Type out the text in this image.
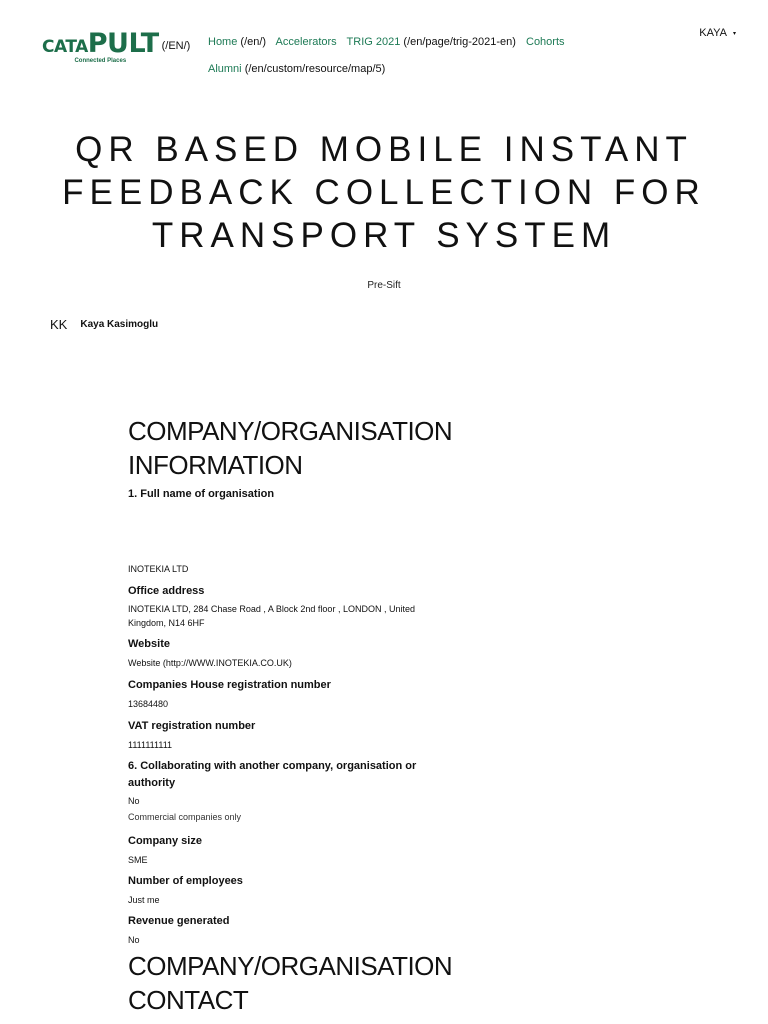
CATAPULT
Connected Places
(/EN/) Home (/en/) Accelerators TRIG 2021 (/en/page/trig-2021-en) Cohorts
Alumni (/en/custom/resource/map/5)
KAYA ▾
QR BASED MOBILE INSTANT FEEDBACK COLLECTION FOR TRANSPORT SYSTEM
Pre-Sift
KK Kaya Kasimoglu
COMPANY/ORGANISATION INFORMATION

1. Full name of organisation

INOTEKIA LTD

Office address

INOTEKIA LTD, 284 Chase Road , A Block 2nd floor , LONDON , United Kingdom, N14 6HF

Website

Website (http://WWW.INOTEKIA.CO.UK)

Companies House registration number

13684480

VAT registration number

1111111111

6. Collaborating with another company, organisation or authority

No

Commercial companies only

Company size

SME

Number of employees

Just me

Revenue generated

No

COMPANY/ORGANISATION CONTACT
